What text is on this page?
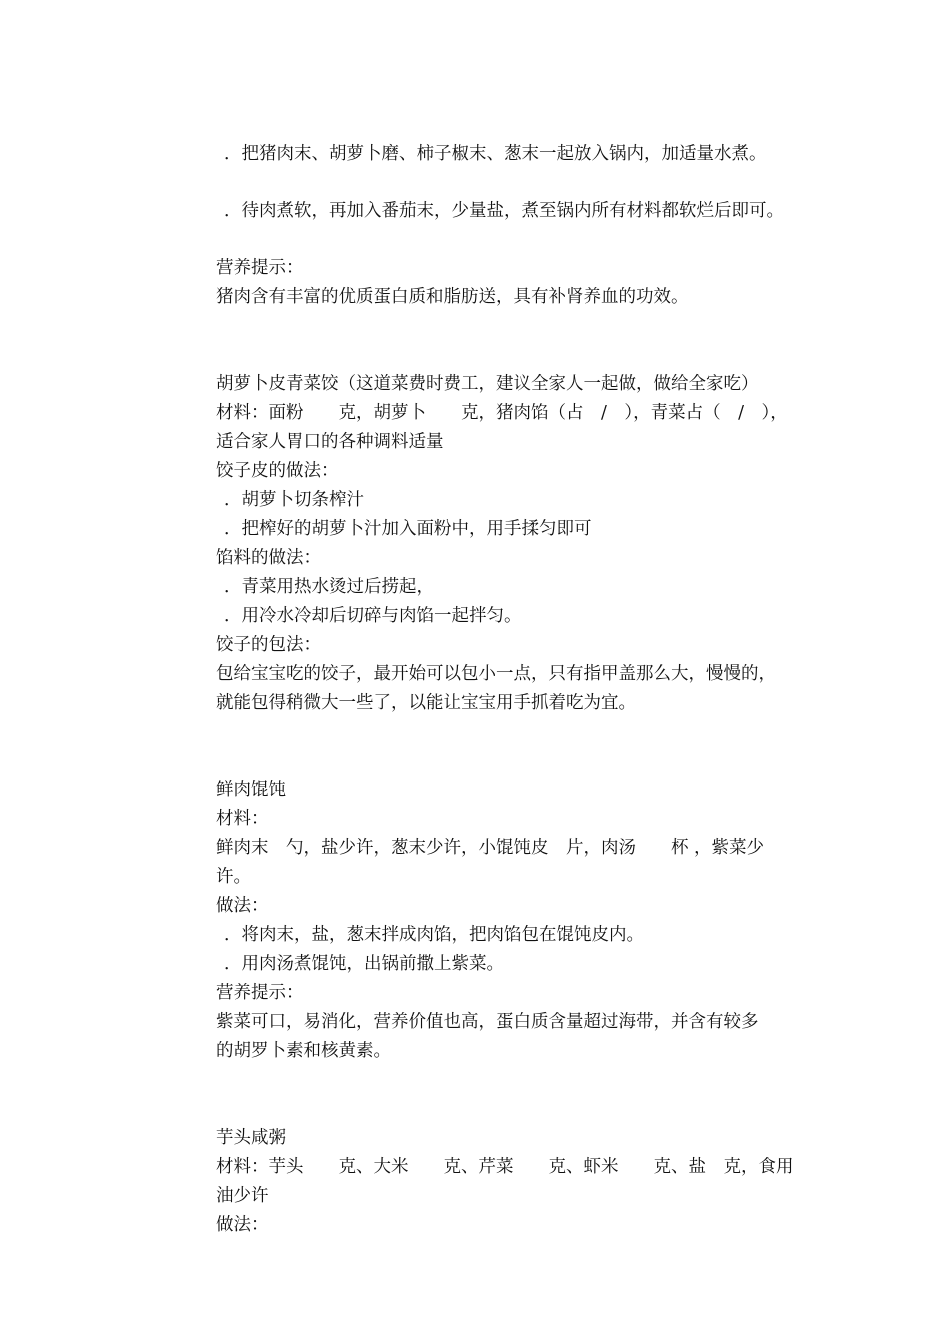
．把猪肉末、胡萝卜磨、柿子椒末、葱末一起放入锅内，加适量水煮。
．待肉煮软，再加入番茄末，少量盐，煮至锅内所有材料都软烂后即可。
营养提示：
猪肉含有丰富的优质蛋白质和脂肪送，具有补肾养血的功效。
胡萝卜皮青菜饺（这道菜费时费工，建议全家人一起做，做给全家吃）
材料：面粉　　克，胡萝卜　　克，猪肉馅（占　/　），青菜占（　/　），
适合家人胃口的各种调料适量
饺子皮的做法：
．胡萝卜切条榨汁
．把榨好的胡萝卜汁加入面粉中，用手揉匀即可
馅料的做法：
．青菜用热水烫过后捞起，
．用冷水冷却后切碎与肉馅一起拌匀。
饺子的包法：
包给宝宝吃的饺子，最开始可以包小一点，只有指甲盖那么大，慢慢的，
就能包得稍微大一些了，以能让宝宝用手抓着吃为宜。
鲜肉馄饨
材料：
鲜肉末　勺，盐少许，葱末少许，小馄饨皮　片，肉汤　　杯 ，紫菜少
许。
做法：
．将肉末，盐，葱末拌成肉馅，把肉馅包在馄饨皮内。
．用肉汤煮馄饨，出锅前撒上紫菜。
营养提示：
紫菜可口，易消化，营养价值也高，蛋白质含量超过海带，并含有较多
的胡罗卜素和核黄素。
芋头咸粥
材料：芋头　　克、大米　　克、芹菜　　克、虾米　　克、盐　克，食用
油少许
做法：
